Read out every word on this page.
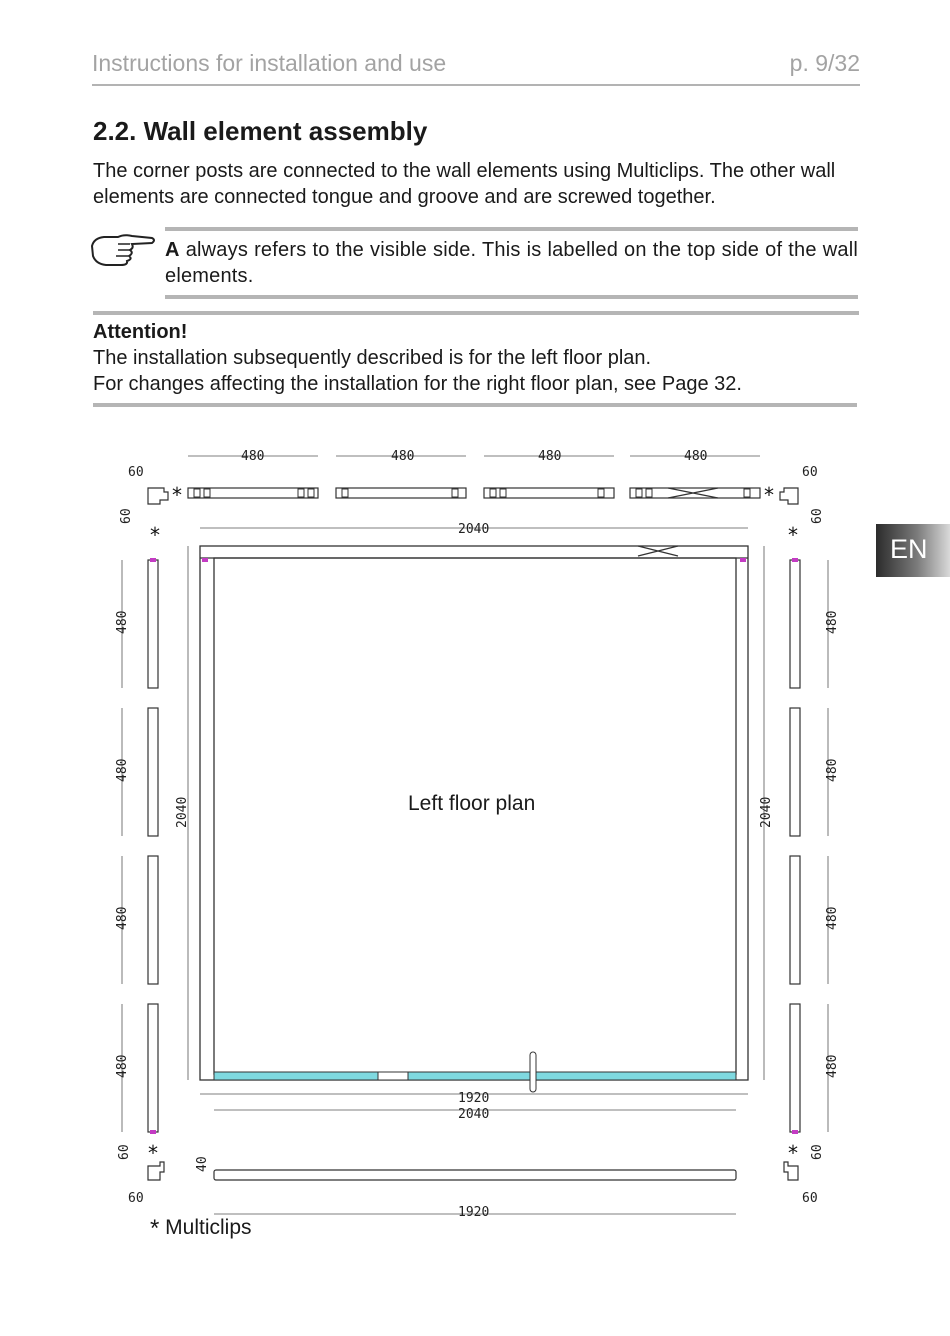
Instructions for installation and use	p. 9/32
2.2. Wall element assembly
The corner posts are connected to the wall elements using Multiclips. The other wall elements are connected tongue and groove and are screwed together.
A always refers to the visible side. This is labelled on the top side of the wall elements.
Attention!
The installation subsequently described is for the left floor plan.
For changes affecting the installation for the right floor plan, see Page 32.
EN
480	480	480	480
60	60
2040
1920
2040
1920
60	60
60	60
40
60	60
480
480
480
480
480
480
480
480
2040	2040
*	*
*	*
*	*
Left floor plan
* Multiclips
